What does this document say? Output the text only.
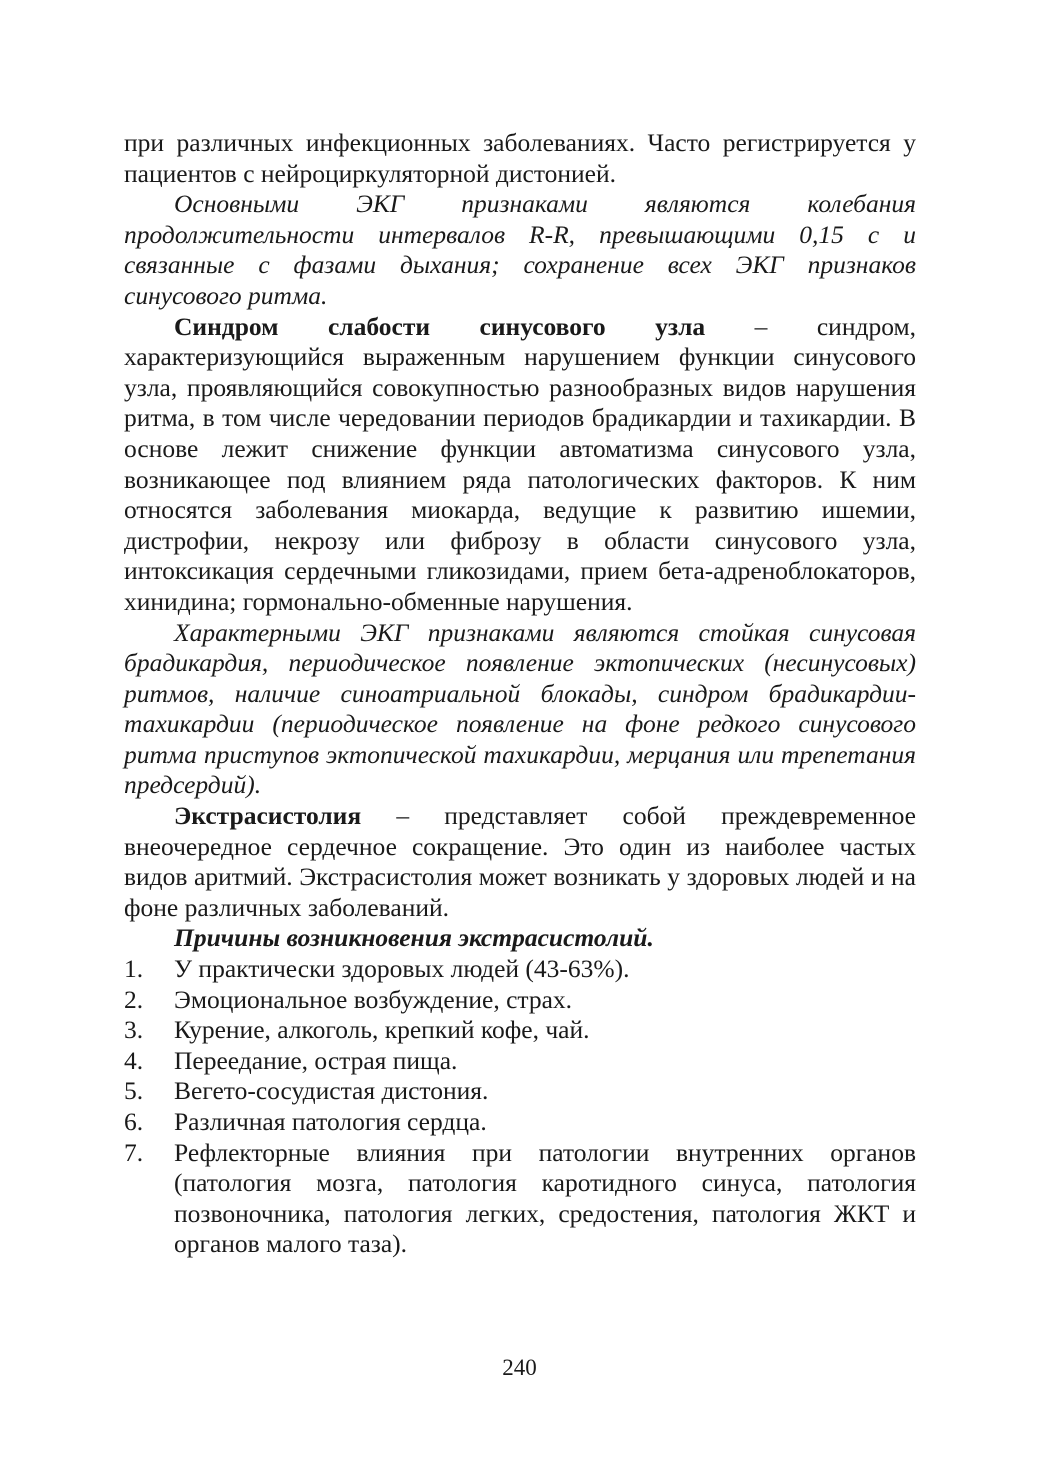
при различных инфекционных заболеваниях. Часто регистрируется у пациентов с нейроциркуляторной дистонией.

Основными ЭКГ признаками являются колебания продолжительности интервалов R-R, превышающими 0,15 с и связанные с фазами дыхания; сохранение всех ЭКГ признаков синусового ритма.

Синдром слабости синусового узла – синдром, характеризующийся выраженным нарушением функции синусового узла, проявляющийся совокупностью разнообразных видов нарушения ритма, в том числе чередовании периодов брадикардии и тахикардии. В основе лежит снижение функции автоматизма синусового узла, возникающее под влиянием ряда патологических факторов. К ним относятся заболевания миокарда, ведущие к развитию ишемии, дистрофии, некрозу или фиброзу в области синусового узла, интоксикация сердечными гликозидами, прием бета-адреноблокаторов, хинидина; гормонально-обменные нарушения.

Характерными ЭКГ признаками являются стойкая синусовая брадикардия, периодическое появление эктопических (несинусовых) ритмов, наличие синоатриальной блокады, синдром брадикардии-тахикардии (периодическое появление на фоне редкого синусового ритма приступов эктопической тахикардии, мерцания или трепетания предсердий).

Экстрасистолия – представляет собой преждевременное внеочередное сердечное сокращение. Это один из наиболее частых видов аритмий. Экстрасистолия может возникать у здоровых людей и на фоне различных заболеваний.

Причины возникновения экстрасистолий.

1.	У практически здоровых людей (43-63%).
2.	Эмоциональное возбуждение, страх.
3.	Курение, алкоголь, крепкий кофе, чай.
4.	Переедание, острая пища.
5.	Вегето-сосудистая дистония.
6.	Различная патология сердца.
7.	Рефлекторные влияния при патологии внутренних органов (патология мозга, патология каротидного синуса, патология позвоночника, патология легких, средостения, патология ЖКТ и органов малого таза).
240
